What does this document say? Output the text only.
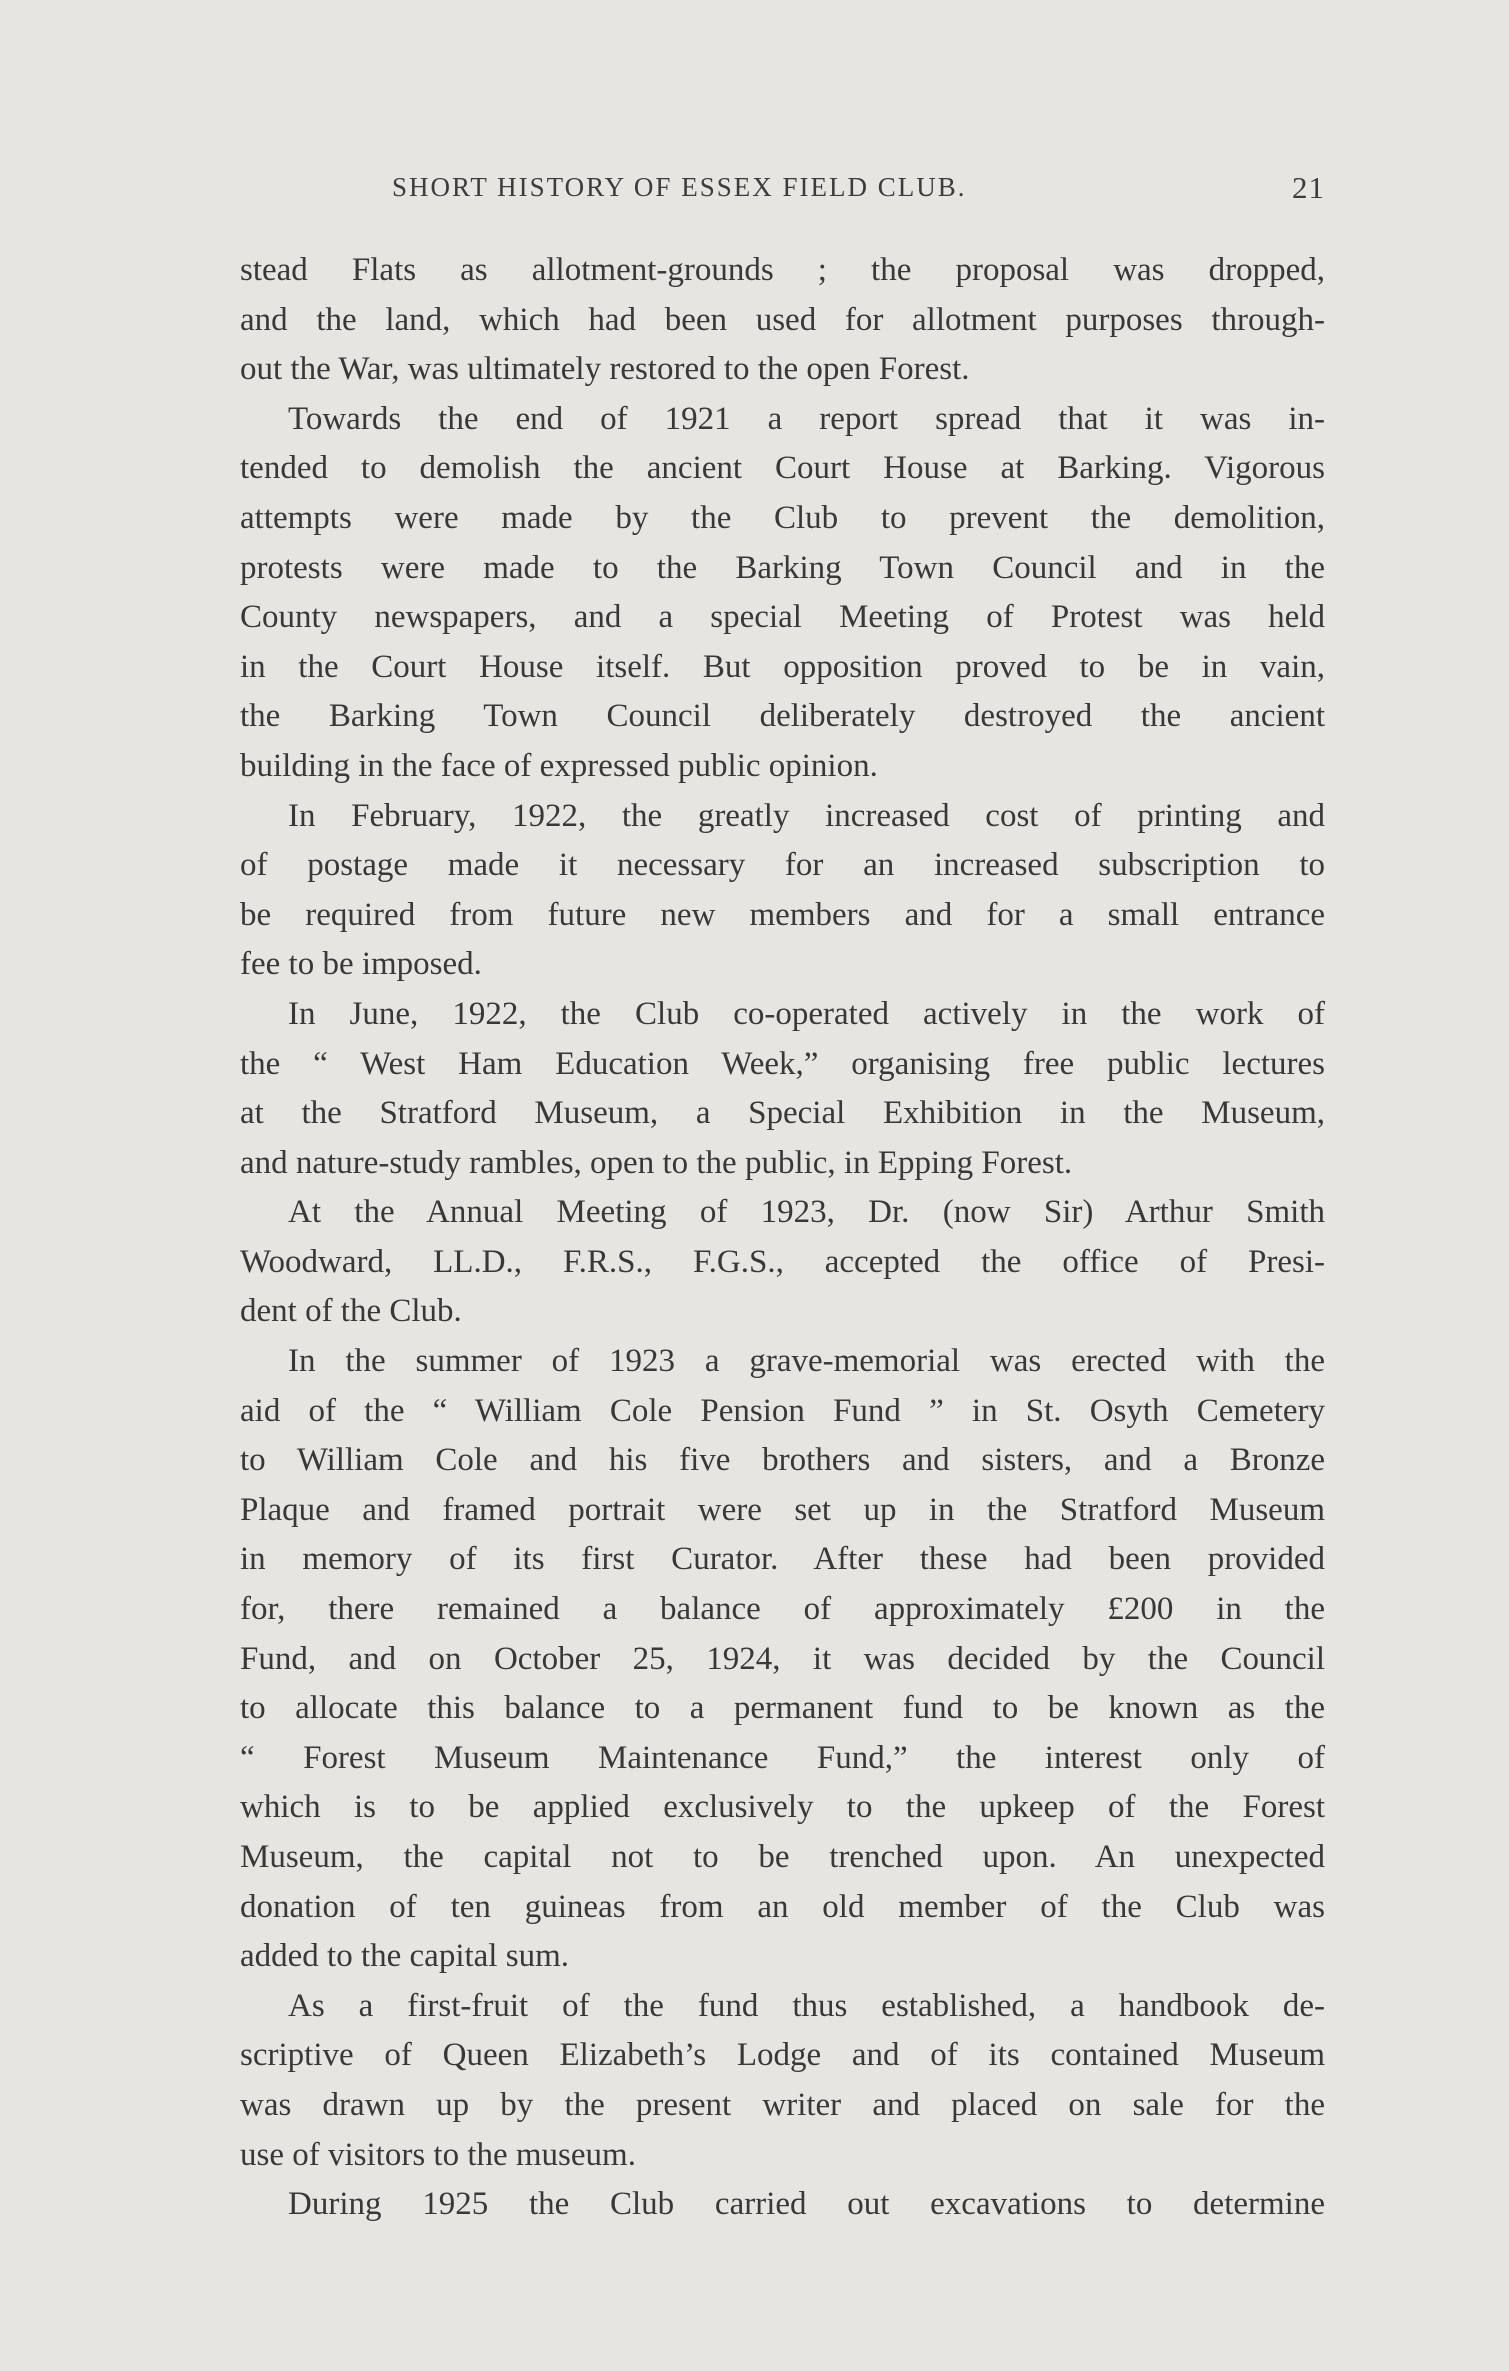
SHORT HISTORY OF ESSEX FIELD CLUB.	21
stead Flats as allotment-grounds ; the proposal was dropped,
and the land, which had been used for allotment purposes through-
out the War, was ultimately restored to the open Forest.
Towards the end of 1921 a report spread that it was in-
tended to demolish the ancient Court House at Barking. Vigorous
attempts were made by the Club to prevent the demolition,
protests were made to the Barking Town Council and in the
County newspapers, and a special Meeting of Protest was held
in the Court House itself. But opposition proved to be in vain,
the Barking Town Council deliberately destroyed the ancient
building in the face of expressed public opinion.
In February, 1922, the greatly increased cost of printing and
of postage made it necessary for an increased subscription to
be required from future new members and for a small entrance
fee to be imposed.
In June, 1922, the Club co-operated actively in the work of
the “ West Ham Education Week,” organising free public lectures
at the Stratford Museum, a Special Exhibition in the Museum,
and nature-study rambles, open to the public, in Epping Forest.
At the Annual Meeting of 1923, Dr. (now Sir) Arthur Smith
Woodward, LL.D., F.R.S., F.G.S., accepted the office of Presi-
dent of the Club.
In the summer of 1923 a grave-memorial was erected with the
aid of the “ William Cole Pension Fund ” in St. Osyth Cemetery
to William Cole and his five brothers and sisters, and a Bronze
Plaque and framed portrait were set up in the Stratford Museum
in memory of its first Curator. After these had been provided
for, there remained a balance of approximately £200 in the
Fund, and on October 25, 1924, it was decided by the Council
to allocate this balance to a permanent fund to be known as the
“ Forest Museum Maintenance Fund,” the interest only of
which is to be applied exclusively to the upkeep of the Forest
Museum, the capital not to be trenched upon. An unexpected
donation of ten guineas from an old member of the Club was
added to the capital sum.
As a first-fruit of the fund thus established, a handbook de-
scriptive of Queen Elizabeth’s Lodge and of its contained Museum
was drawn up by the present writer and placed on sale for the
use of visitors to the museum.
During 1925 the Club carried out excavations to determine
